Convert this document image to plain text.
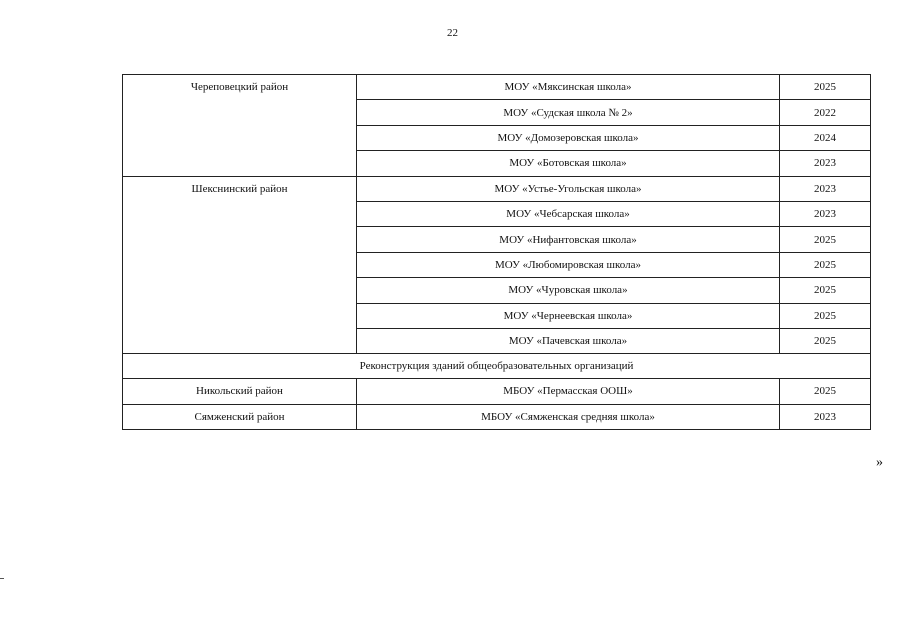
22
Череповецкий район	МОУ «Мяксинская школа»	2025
	МОУ «Судская школа № 2»	2022
	МОУ «Домозеровская школа»	2024
	МОУ «Ботовская школа»	2023
Шекснинский район	МОУ «Устье-Угольская школа»	2023
	МОУ «Чебсарская школа»	2023
	МОУ «Нифантовская школа»	2025
	МОУ «Любомировская школа»	2025
	МОУ «Чуровская школа»	2025
	МОУ «Чернеевская школа»	2025
	МОУ «Пачевская школа»	2025
Реконструкция зданий общеобразовательных организаций		
Никольский район	МБОУ «Пермасская ООШ»	2025
Сямженский район	МБОУ «Сямженская средняя школа»	2023
»
